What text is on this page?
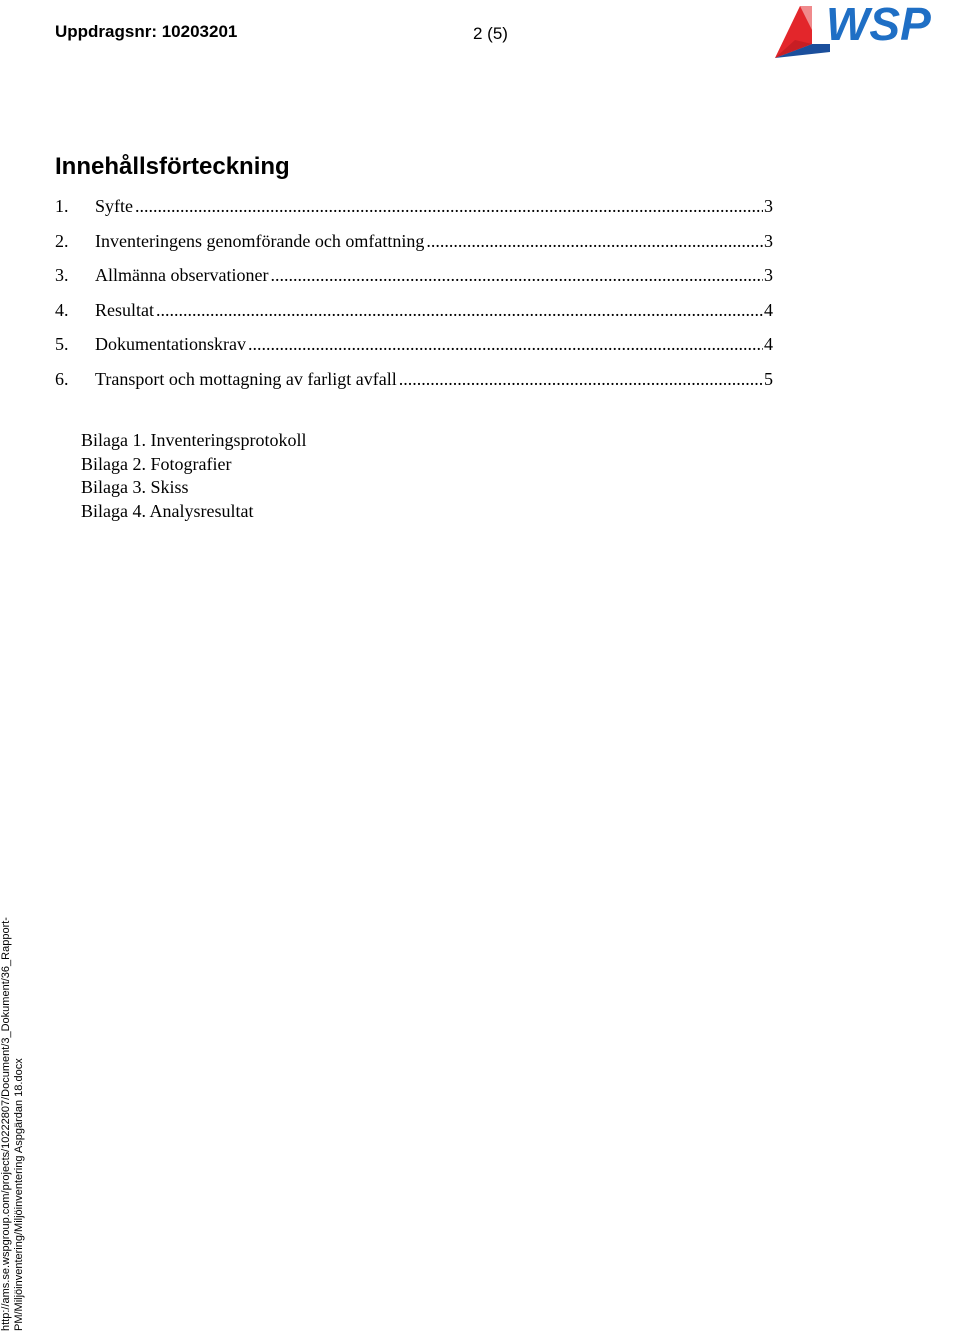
Uppdragsnr: 10203201	2 (5)	WSP
Innehållsförteckning
1.	Syfte .....	3
2.	Inventeringens genomförande och omfattning .....	3
3.	Allmänna observationer .....	3
4.	Resultat .....	4
5.	Dokumentationskrav .....	4
6.	Transport och mottagning av farligt avfall .....	5
Bilaga 1. Inventeringsprotokoll
Bilaga 2. Fotografier
Bilaga 3. Skiss
Bilaga 4. Analysresultat
http://ams.se.wspgroup.com/projects/10222807/Document/3_Dokument/36_Rapport- PM/Miljöinventering/Miljöinventering Aspgärdan 18.docx
